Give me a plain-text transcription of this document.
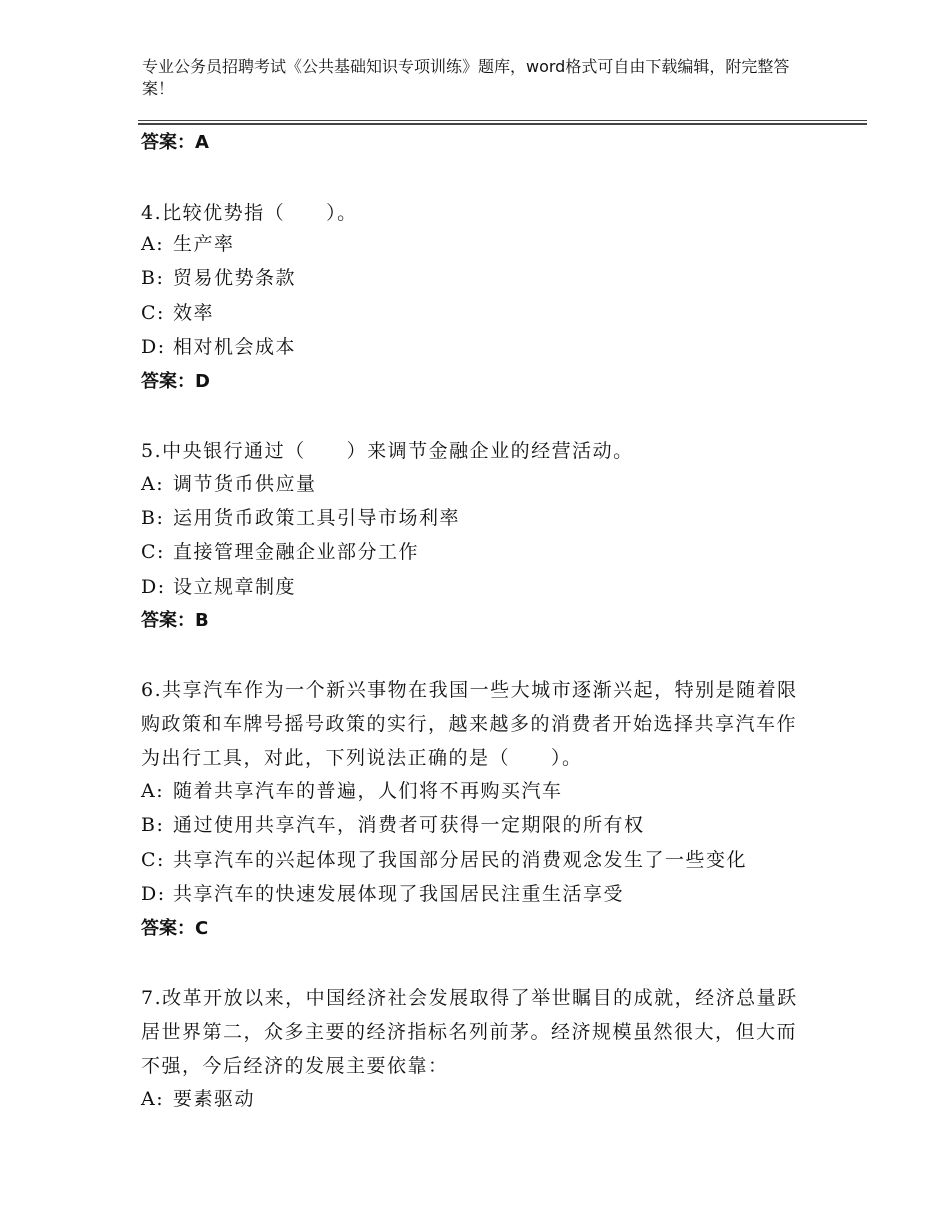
专业公务员招聘考试《公共基础知识专项训练》题库，word格式可自由下载编辑，附完整答案！
答案：A
4.比较优势指（　　）。
A: 生产率
B: 贸易优势条款
C: 效率
D: 相对机会成本
答案：D
5.中央银行通过（　　）来调节金融企业的经营活动。
A: 调节货币供应量
B: 运用货币政策工具引导市场利率
C: 直接管理金融企业部分工作
D: 设立规章制度
答案：B
6.共享汽车作为一个新兴事物在我国一些大城市逐渐兴起，特别是随着限购政策和车牌号摇号政策的实行，越来越多的消费者开始选择共享汽车作为出行工具，对此，下列说法正确的是（　　）。
A: 随着共享汽车的普遍，人们将不再购买汽车
B: 通过使用共享汽车，消费者可获得一定期限的所有权
C: 共享汽车的兴起体现了我国部分居民的消费观念发生了一些变化
D: 共享汽车的快速发展体现了我国居民注重生活享受
答案：C
7.改革开放以来，中国经济社会发展取得了举世瞩目的成就，经济总量跃居世界第二，众多主要的经济指标名列前茅。经济规模虽然很大，但大而不强，今后经济的发展主要依靠：
A: 要素驱动
